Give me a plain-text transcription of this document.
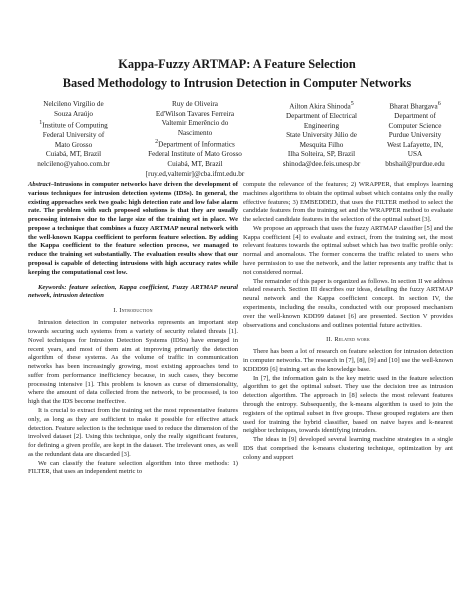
Kappa-Fuzzy ARTMAP: A Feature Selection
Based Methodology to Intrusion Detection in Computer Networks
Nelcileno Virgílio de
Souza Araújo
$^1$Institute of Computing
Federal University of
Mato Grosso
Cuiabá, MT, Brazil
nelcileno@yahoo.com.br
Ruy de Oliveira
Ed'Wilson Tavares Ferreira
Valtemir Emerêncio do
Nascimento
$^2$Department of Informatics
Federal Institute of Mato Grosso
Cuiabá, MT, Brazil
[ruy.ed,valtemir]@cba.ifmt.edu.br
Ailton Akira Shinoda$^5$
Department of Electrical
Engineering
State University Júlio de
Mesquita Filho
Ilha Solteira, SP, Brazil
shinoda@dee.feis.unesp.br
Bharat Bhargava$^6$
Department of
Computer Science
Purdue University
West Lafayette, IN,
USA
bbshail@purdue.edu

Abstract–Intrusions in computer networks have driven the development of various techniques for intrusion detection systems (IDSs). In general, the existing approaches seek two goals: high detection rate and low false alarm rate. The problem with such proposed solutions is that they are usually processing intensive due to the large size of the training set in place. We propose a technique that combines a fuzzy ARTMAP neural network with the well-known Kappa coefficient to perform feature selection. By adding the Kappa coefficient to the feature selection process, we managed to reduce the training set substantially. The evaluation results show that our proposal is capable of detecting intrusions with high accuracy rates while keeping the computational cost low.

Keywords: feature selection, Kappa coefficient, Fuzzy ARTMAP neural network, intrusion detection

I. Introduction

Intrusion detection in computer networks represents an important step towards securing such systems from a variety of security related threats [1]. Novel techniques for Intrusion Detection Systems (IDSs) have emerged in recent years, and most of them aim at improving primarily the detection algorithm of these systems. As the volume of traffic in communication networks has been increasingly growing, most existing approaches tend to suffer from performance inefficiency because, in such cases, they become processing intensive [1]. This problem is known as curse of dimensionality, where the amount of data collected from the network, to be processed, is too high that the IDS become ineffective.

It is crucial to extract from the training set the most representative features only, as long as they are sufficient to make it possible for effective attack detection. Feature selection is the technique used to reduce the dimension of the involved dataset [2]. Using this technique, only the really significant features, for defining a given profile, are kept in the dataset. The irrelevant ones, as well as the redundant data are discarded [3].

We can classify the feature selection algorithm into three methods: 1) FILTER, that uses an independent metric to

compute the relevance of the features; 2) WRAPPER, that employs learning machines algorithms to obtain the optimal subset which contains only the really effective features; 3) EMBEDDED, that uses the FILTER method to select the candidate features from the training set and the WRAPPER method to evaluate the selected candidate features in the selection of the optimal subset [3].

We propose an approach that uses the fuzzy ARTMAP classifier [5] and the Kappa coefficient [4] to evaluate and extract, from the training set, the most relevant features towards the optimal subset which has two traffic profile only: normal and anomalous. The former concerns the traffic related to users who have permission to use the network, and the latter represents any traffic that is not considered normal.

The remainder of this paper is organized as follows. In section II we address related research. Section III describes our ideas, detailing the fuzzy ARTMAP neural network and the Kappa coefficient concept. In section IV, the experiments, including the results, conducted with our proposed mechanism over the well-known KDD99 dataset [6] are presented. Section V provides observations and conclusions and outlines potential future activities.

II. Related work

There has been a lot of research on feature selection for intrusion detection in computer networks. The research in [7], [8], [9] and [10] use the well-known KDDD99 [6] training set as the knowledge base.

In [7], the information gain is the key metric used in the feature selection algorithm to get the optimal subset. They use the decision tree as intrusion detection algorithm. The approach in [8] selects the most relevant features through the entropy. Subsequently, the k-means algorithm is used to join the registers of the optimal subset in five groups. These grouped registers are then used for training the hybrid classifier, based on naive bayes and k-nearest neighbor techniques, towards identifying intruders.

The ideas in [9] developed several learning machine strategies in a single IDS that comprised the k-means clustering technique, optimization by ant colony and support
